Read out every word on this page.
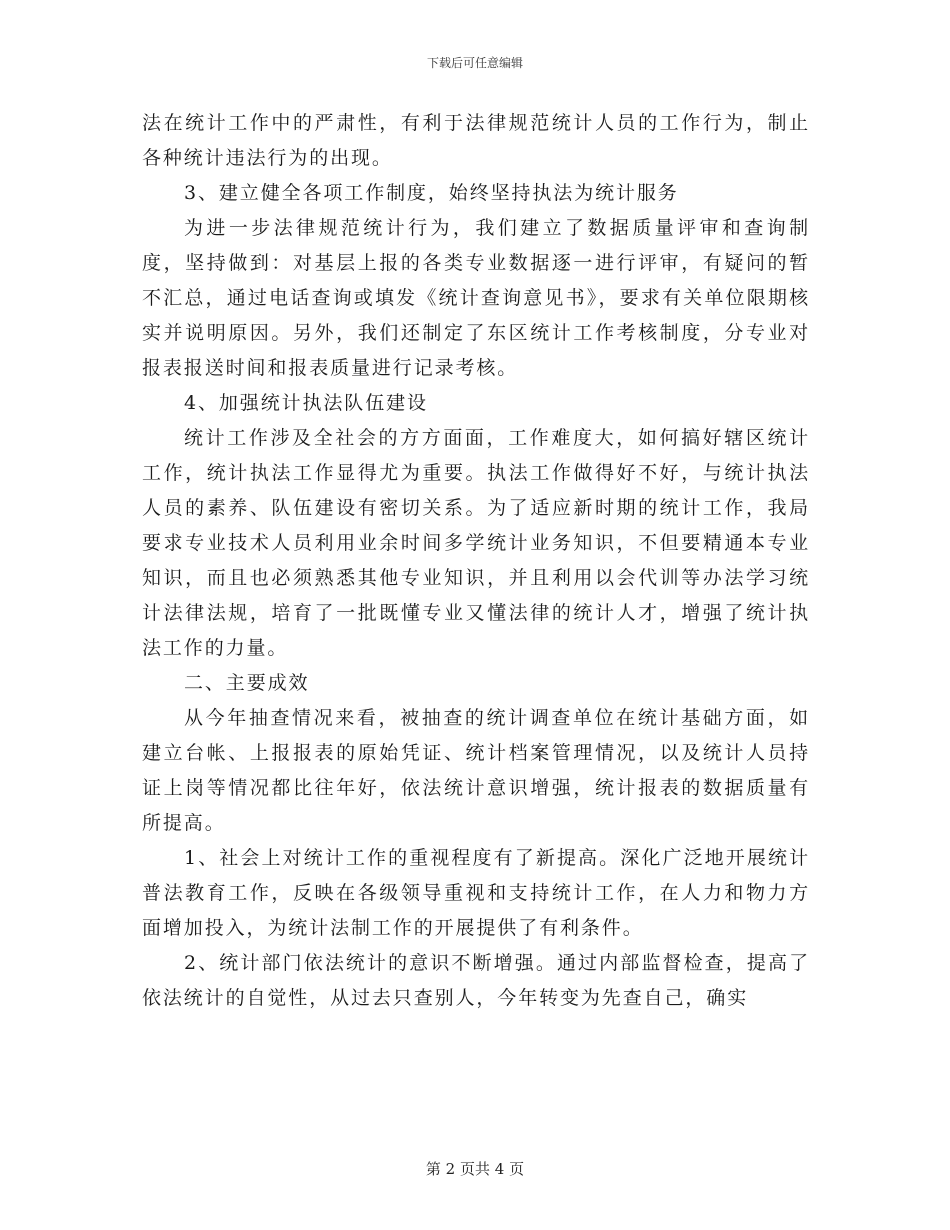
下载后可任意编辑

法在统计工作中的严肃性，有利于法律规范统计人员的工作行为，制止各种统计违法行为的出现。

3、建立健全各项工作制度，始终坚持执法为统计服务

为进一步法律规范统计行为，我们建立了数据质量评审和查询制度，坚持做到：对基层上报的各类专业数据逐一进行评审，有疑问的暂不汇总，通过电话查询或填发《统计查询意见书》，要求有关单位限期核实并说明原因。另外，我们还制定了东区统计工作考核制度，分专业对报表报送时间和报表质量进行记录考核。

4、加强统计执法队伍建设

统计工作涉及全社会的方方面面，工作难度大，如何搞好辖区统计工作，统计执法工作显得尤为重要。执法工作做得好不好，与统计执法人员的素养、队伍建设有密切关系。为了适应新时期的统计工作，我局要求专业技术人员利用业余时间多学统计业务知识，不但要精通本专业知识，而且也必须熟悉其他专业知识，并且利用以会代训等办法学习统计法律法规，培育了一批既懂专业又懂法律的统计人才，增强了统计执法工作的力量。

二、主要成效

从今年抽查情况来看，被抽查的统计调查单位在统计基础方面，如建立台帐、上报报表的原始凭证、统计档案管理情况，以及统计人员持证上岗等情况都比往年好，依法统计意识增强，统计报表的数据质量有所提高。

1、社会上对统计工作的重视程度有了新提高。深化广泛地开展统计普法教育工作，反映在各级领导重视和支持统计工作，在人力和物力方面增加投入，为统计法制工作的开展提供了有利条件。

2、统计部门依法统计的意识不断增强。通过内部监督检查，提高了依法统计的自觉性，从过去只查别人，今年转变为先查自己，确实

第 2 页共 4 页
